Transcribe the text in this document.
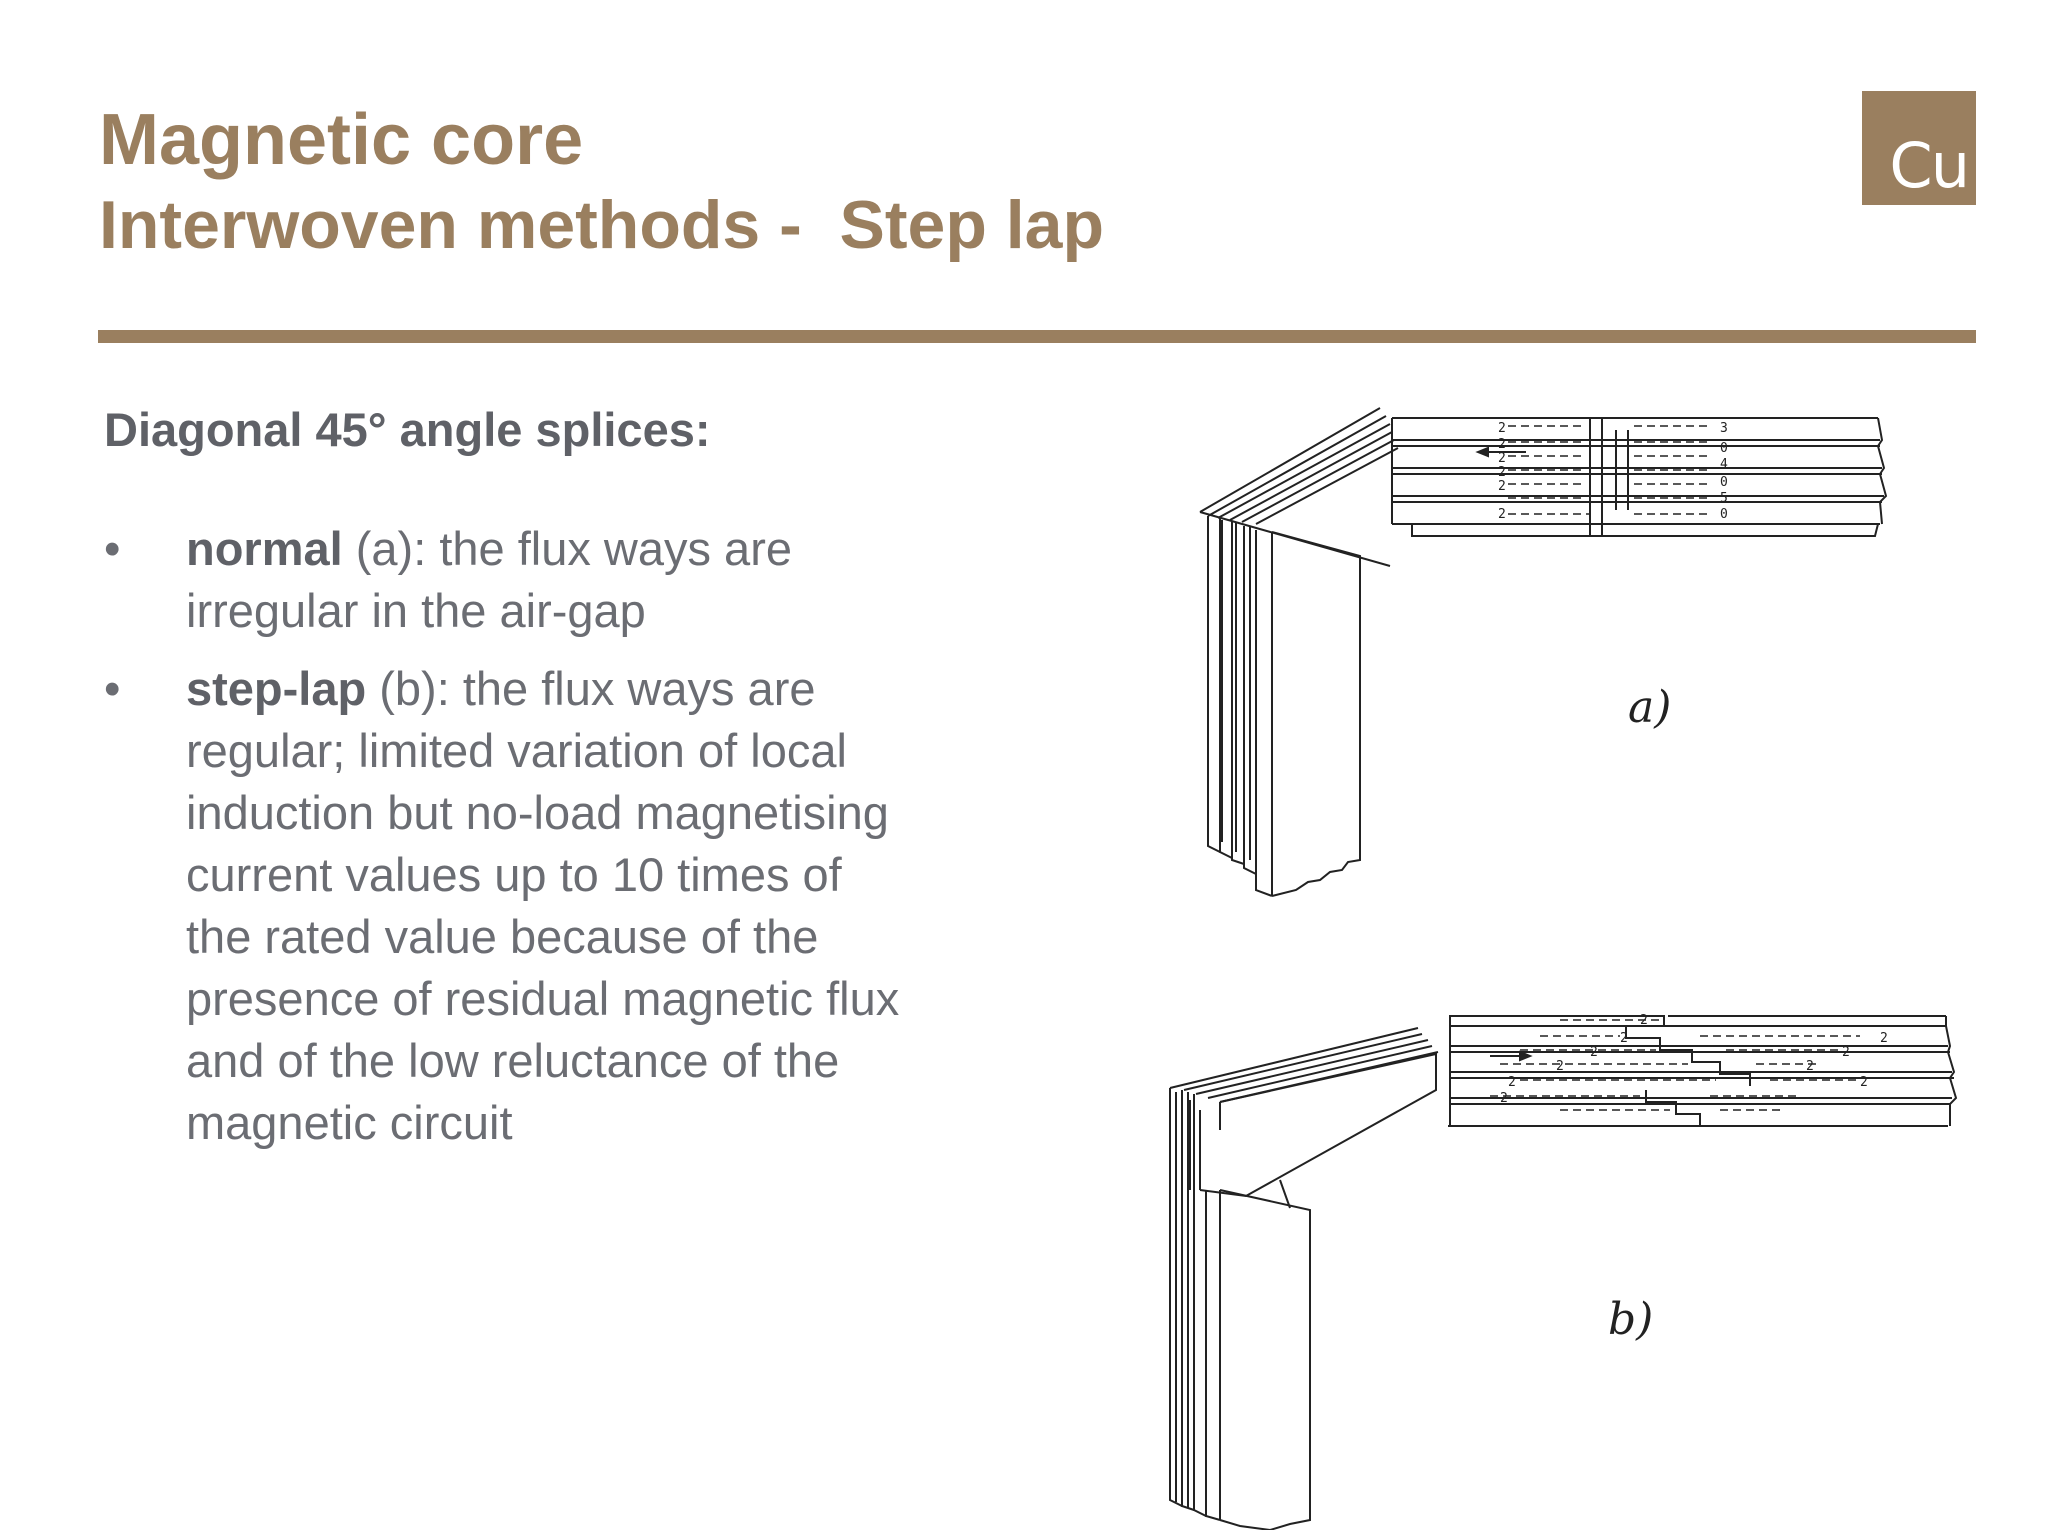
Magnetic core
Interwoven methods -  Step lap
Cu
Diagonal 45° angle splices:
• normal (a): the flux ways are irregular in the air-gap
• step-lap (b): the flux ways are regular; limited variation of local induction but no-load magnetising current values up to 10 times of the rated value because of the presence of residual magnetic flux and of the low reluctance of the magnetic circuit
2
2
2
2
2
2
3
0
4
0
5
0
a)
2
2	2
2	2
2	2
2	2
2
b)
